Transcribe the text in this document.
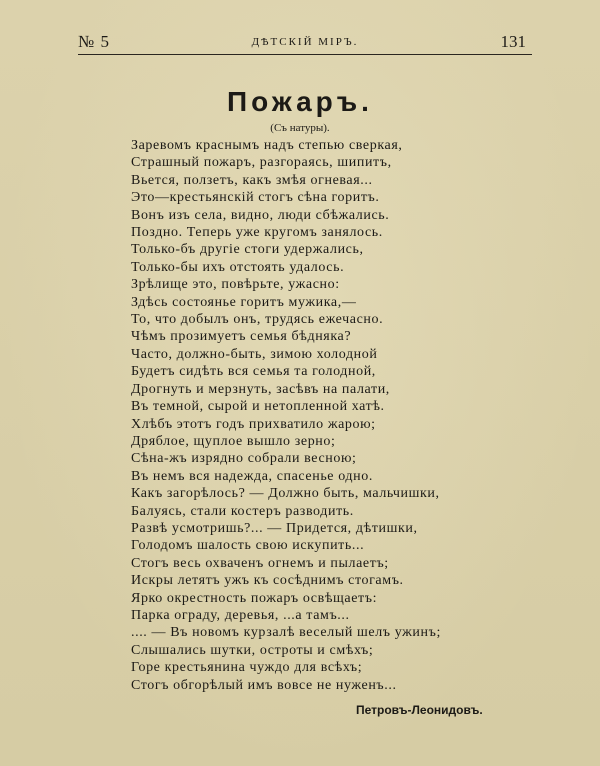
№ 5	ДѢТСКІЙ МІРЪ.	131
Пожаръ.
(Съ натуры).
Заревомъ краснымъ надъ степью сверкая,
Страшный пожаръ, разгораясь, шипитъ,
Вьется, ползетъ, какъ змѣя огневая...
Это—крестьянскій стогъ сѣна горитъ.
Вонъ изъ села, видно, люди сбѣжались.
Поздно. Теперь уже кругомъ занялось.
Только-бъ другіе стоги удержались,
Только-бы ихъ отстоять удалось.
Зрѣлище это, повѣрьте, ужасно:
Здѣсь состоянье горитъ мужика,—
То, что добылъ онъ, трудясь ежечасно.
Чѣмъ прозимуетъ семья бѣдняка?
Часто, должно-быть, зимою холодной
Будетъ сидѣть вся семья та голодной,
Дрогнуть и мерзнуть, засѣвъ на палати,
Въ темной, сырой и нетопленной хатѣ.
Хлѣбъ этотъ годъ прихватило жарою;
Дряблое, щуплое вышло зерно;
Сѣна-жъ изрядно собрали весною;
Въ немъ вся надежда, спасенье одно.
Какъ загорѣлось? — Должно быть, мальчишки,
Балуясь, стали костеръ разводить.
Развѣ усмотришь?... — Придется, дѣтишки,
Голодомъ шалость свою искупить...
Стогъ весь охваченъ огнемъ и пылаетъ;
Искры летятъ ужъ къ сосѣднимъ стогамъ.
Ярко окрестность пожаръ освѣщаетъ:
Парка ограду, деревья, ...а тамъ...
.... — Въ новомъ курзалѣ веселый шелъ ужинъ;
Слышались шутки, остроты и смѣхъ;
Горе крестьянина чуждо для всѣхъ;
Стогъ обгорѣлый имъ вовсе не нуженъ...
Петровъ-Леонидовъ.
